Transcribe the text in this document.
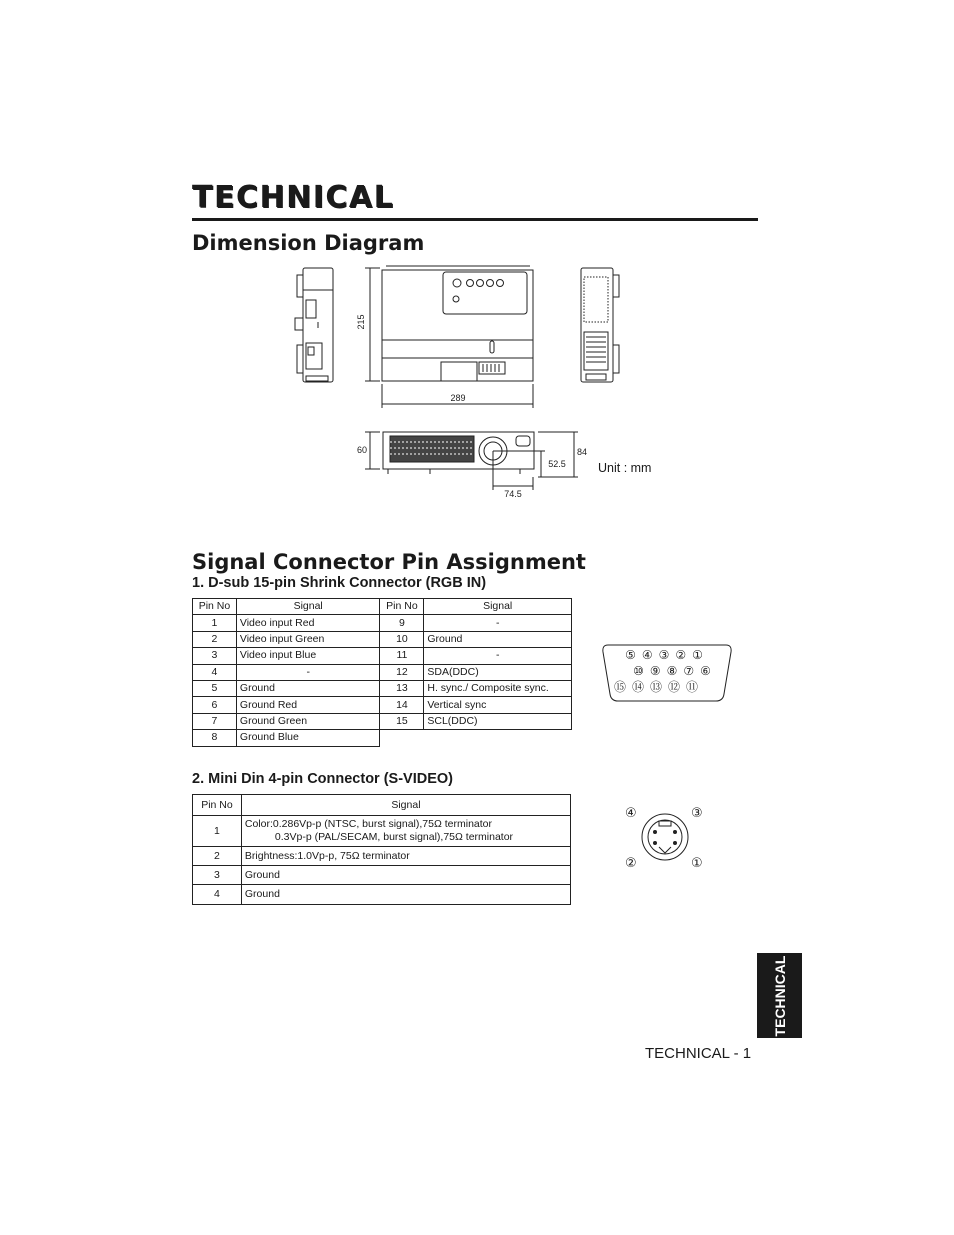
TECHNICAL
Dimension Diagram
215
289
60	84
52.5
74.5
Unit : mm
Signal Connector Pin Assignment
1. D-sub 15-pin Shrink Connector (RGB IN)
Pin No	Signal	Pin No	Signal
1	Video input Red	9	-
2	Video input Green	10	Ground
3	Video input Blue	11	-
4	-	12	SDA(DDC)
5	Ground	13	H. sync./ Composite sync.
6	Ground Red	14	Vertical sync
7	Ground Green	15	SCL(DDC)
8	Ground Blue		
⑤ ④ ③ ② ①
⑩ ⑨ ⑧ ⑦ ⑥
⑮ ⑭ ⑬ ⑫ ⑪
2. Mini Din 4-pin Connector (S-VIDEO)
Pin No	Signal
1	Color:0.286Vp-p (NTSC, burst signal),75Ω terminator
0.3Vp-p (PAL/SECAM, burst signal),75Ω terminator

2	Brightness:1.0Vp-p, 75Ω terminator
3	Ground
4	Ground
④	③
②	①
TECHNICAL
TECHNICAL - 1
